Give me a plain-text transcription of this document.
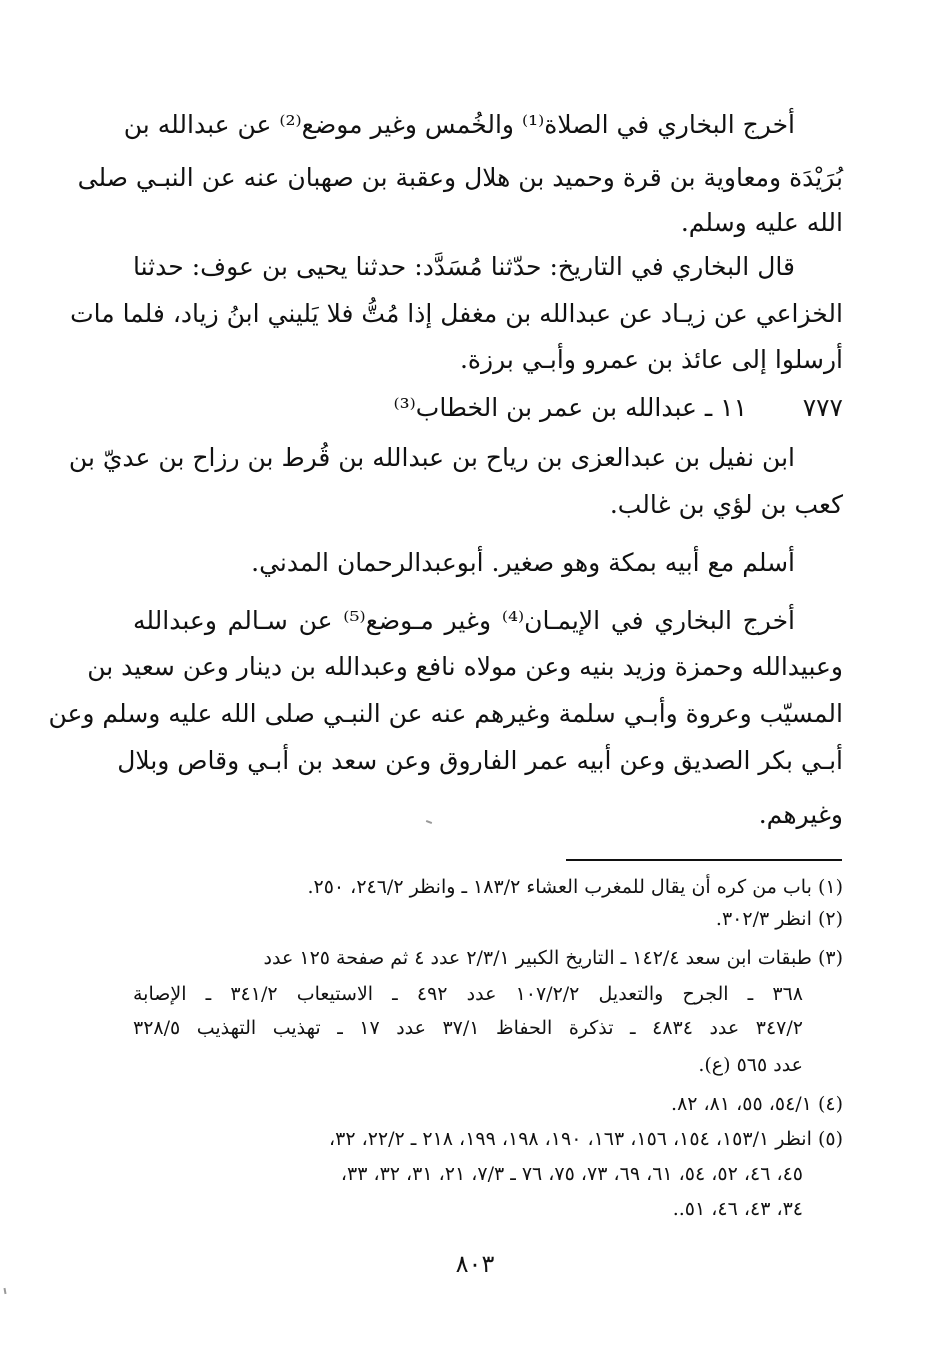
أخرج البخاري في الصلاة⁽¹⁾ والخُمس وغير موضع⁽²⁾ عن عبدالله بن
بُرَيْدَة ومعاوية بن قرة وحميد بن هلال وعقبة بن صهبان عنه عن النبـي صلى
الله عليه وسلم.
قال البخاري في التاريخ: حدّثنا مُسَدَّد: حدثنا يحيى بن عوف: حدثنا
الخزاعي عن زيـاد عن عبدالله بن مغفل إذا مُتُّ فلا يَليني ابنُ زياد، فلما مات
أرسلوا إلى عائذ بن عمرو وأبـي برزة.
٧٧٧
١١ ـ عبدالله بن عمر بن الخطاب⁽³⁾
ابن نفيل بن عبدالعزى بن رياح بن عبدالله بن قُرط بن رزاح بن عديّ بن
كعب بن لؤي بن غالب.
أسلم مع أبيه بمكة وهو صغير. أبوعبدالرحمان المدني.
أخرج البخاري في الإيمـان⁽⁴⁾ وغير مـوضع⁽⁵⁾ عن سـالم وعبدالله
وعبيدالله وحمزة وزيد بنيه وعن مولاه نافع وعبدالله بن دينار وعن سعيد بن
المسيّب وعروة وأبـي سلمة وغيرهم عنه عن النبـي صلى الله عليه وسلم وعن
أبـي بكر الصديق وعن أبيه عمر الفاروق وعن سعد بن أبـي وقاص وبلال
وغيرهم.
(١) باب من كره أن يقال للمغرب العشاء ١٨٣/٢ ـ وانظر ٢٤٦/٢، ٢٥٠.
(٢) انظر ٣٠٢/٣.
(٣) طبقات ابن سعد ١٤٢/٤ ـ التاريخ الكبير ٢/٣/١ عدد ٤ ثم صفحة ١٢٥ عدد
٣٦٨ ـ الجرح والتعديل ١٠٧/٢/٢ عدد ٤٩٢ ـ الاستيعاب ٣٤١/٢ ـ الإصابة
٣٤٧/٢ عدد ٤٨٣٤ ـ تذكرة الحفاظ ٣٧/١ عدد ١٧ ـ تهذيب التهذيب ٣٢٨/٥
عدد ٥٦٥ (ع).
(٤) ٥٤/١، ٥٥، ٨١، ٨٢.
(٥) انظر ١٥٣/١، ١٥٤، ١٥٦، ١٦٣، ١٩٠، ١٩٨، ١٩٩، ٢١٨ ـ ٢٢/٢، ٣٢،
٤٥، ٤٦، ٥٢، ٥٤، ٦١، ٦٩، ٧٣، ٧٥، ٧٦ ـ ٧/٣، ٢١، ٣١، ٣٢، ٣٣،
٣٤، ٤٣، ٤٦، ٥١..
٨٠٣
